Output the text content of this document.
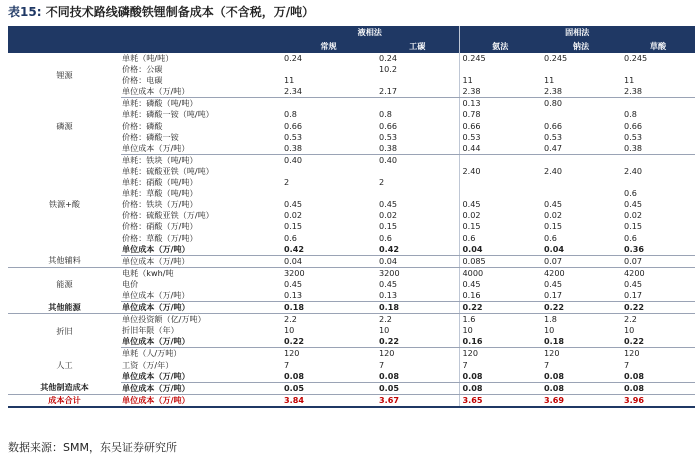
表15: 不同技术路线磷酸铁锂制备成本（不含税，万/吨）
		液相法		固相法		
		常规	工碳	氨法	钠法	草酸
锂源	单耗（吨/吨）	0.24	0.24	0.245	0.245	0.245
	价格：公碳		10.2			
	价格：电碳	11		11	11	11
	单位成本（万/吨）	2.34	2.17	2.38	2.38	2.38
磷源	单耗：磷酸（吨/吨）			0.13	0.80	
	单耗：磷酸一铵（吨/吨）	0.8	0.8	0.78		0.8
	价格：磷酸	0.66	0.66	0.66	0.66	0.66
	价格：磷酸一铵	0.53	0.53	0.53	0.53	0.53
	单位成本（万/吨）	0.38	0.38	0.44	0.47	0.38
铁源+酸	单耗：铁块（吨/吨）	0.40	0.40			
	单耗：硫酸亚铁（吨/吨）			2.40	2.40	2.40
	单耗：硝酸（吨/吨）	2	2			
	单耗：草酸（吨/吨）					0.6
	价格：铁块（万/吨）	0.45	0.45	0.45	0.45	0.45
	价格：硫酸亚铁（万/吨）	0.02	0.02	0.02	0.02	0.02
	价格：硝酸（万/吨）	0.15	0.15	0.15	0.15	0.15
	价格：草酸（万/吨）	0.6	0.6	0.6	0.6	0.6
	单位成本（万/吨）	0.42	0.42	0.04	0.04	0.36
其他辅料	单位成本（万/吨）	0.04	0.04	0.085	0.07	0.07
能源	电耗（kwh/吨	3200	3200	4000	4200	4200
	电价	0.45	0.45	0.45	0.45	0.45
	单位成本（万/吨）	0.13	0.13	0.16	0.17	0.17
其他能源	单位成本（万/吨）	0.18	0.18	0.22	0.22	0.22
折旧	单位投资额（亿/万吨）	2.2	2.2	1.6	1.8	2.2
	折旧年限（年）	10	10	10	10	10
	单位成本（万/吨）	0.22	0.22	0.16	0.18	0.22
人工	单耗（人/万吨）	120	120	120	120	120
	工资（万/年）	7	7	7	7	7
	单位成本（万/吨）	0.08	0.08	0.08	0.08	0.08
其他制造成本	单位成本（万/吨）	0.05	0.05	0.08	0.08	0.08
成本合计	单位成本（万/吨）	3.84	3.67	3.65	3.69	3.96
数据来源：SMM，东吴证券研究所
